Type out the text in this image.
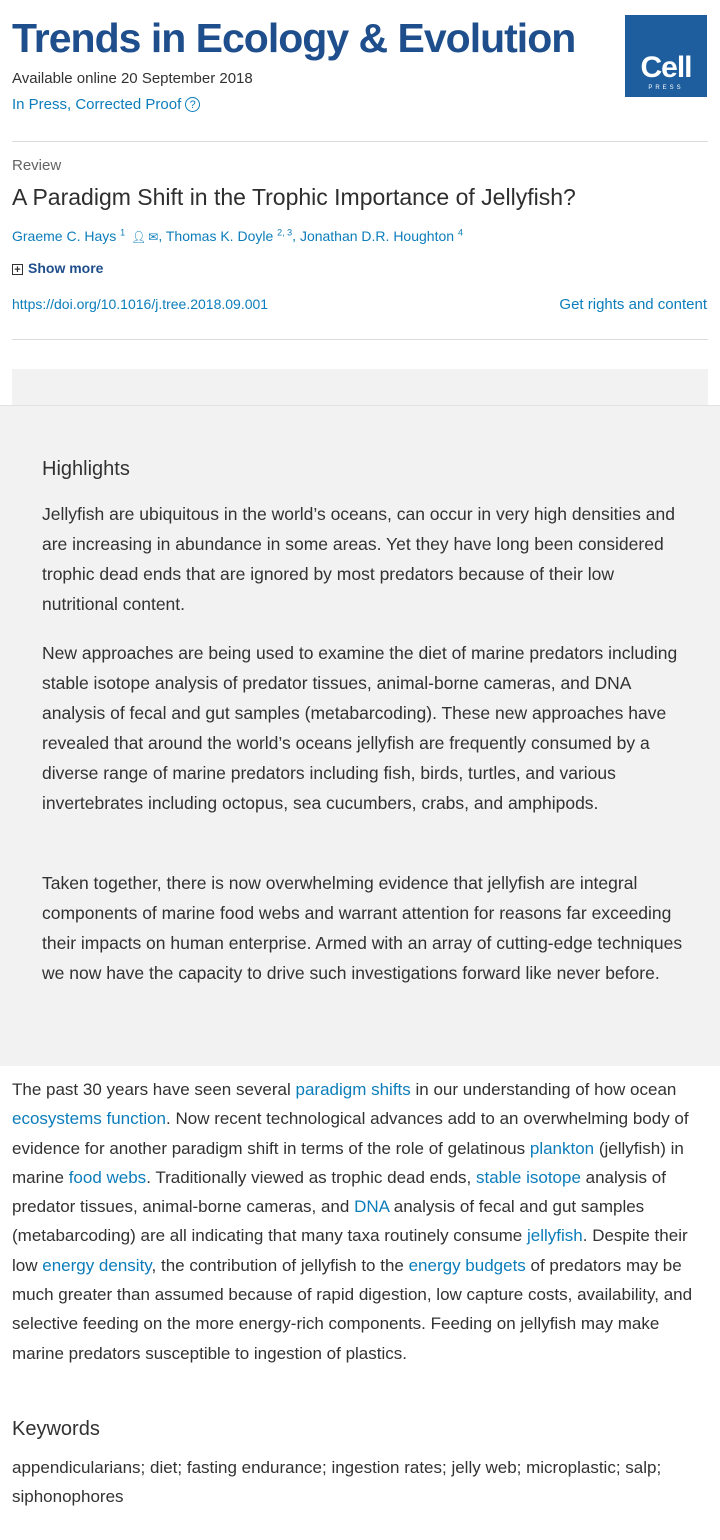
Trends in Ecology & Evolution
Available online 20 September 2018
In Press, Corrected Proof ?
Cell
PRESS
Review
A Paradigm Shift in the Trophic Importance of Jellyfish?
Graeme C. Hays $^1$ 👤︎ ✉︎, Thomas K. Doyle $^{2, 3}$, Jonathan D.R. Houghton $^4$
+ Show more
https://doi.org/10.1016/j.tree.2018.09.001	Get rights and content
Highlights

Jellyfish are ubiquitous in the world’s oceans, can occur in very high densities and are increasing in abundance in some areas. Yet they have long been considered trophic dead ends that are ignored by most predators because of their low nutritional content.

New approaches are being used to examine the diet of marine predators including stable isotope analysis of predator tissues, animal-borne cameras, and DNA analysis of fecal and gut samples (metabarcoding). These new approaches have revealed that around the world’s oceans jellyfish are frequently consumed by a diverse range of marine predators including fish, birds, turtles, and various invertebrates including octopus, sea cucumbers, crabs, and amphipods.

Taken together, there is now overwhelming evidence that jellyfish are integral components of marine food webs and warrant attention for reasons far exceeding their impacts on human enterprise. Armed with an array of cutting-edge techniques we now have the capacity to drive such investigations forward like never before.

The past 30 years have seen several paradigm shifts in our understanding of how ocean ecosystems function. Now recent technological advances add to an overwhelming body of evidence for another paradigm shift in terms of the role of gelatinous plankton (jellyfish) in marine food webs. Traditionally viewed as trophic dead ends, stable isotope analysis of predator tissues, animal-borne cameras, and DNA analysis of fecal and gut samples (metabarcoding) are all indicating that many taxa routinely consume jellyfish. Despite their low energy density, the contribution of jellyfish to the energy budgets of predators may be much greater than assumed because of rapid digestion, low capture costs, availability, and selective feeding on the more energy-rich components. Feeding on jellyfish may make marine predators susceptible to ingestion of plastics.

Keywords

appendicularians; diet; fasting endurance; ingestion rates; jelly web; microplastic; salp; siphonophores
